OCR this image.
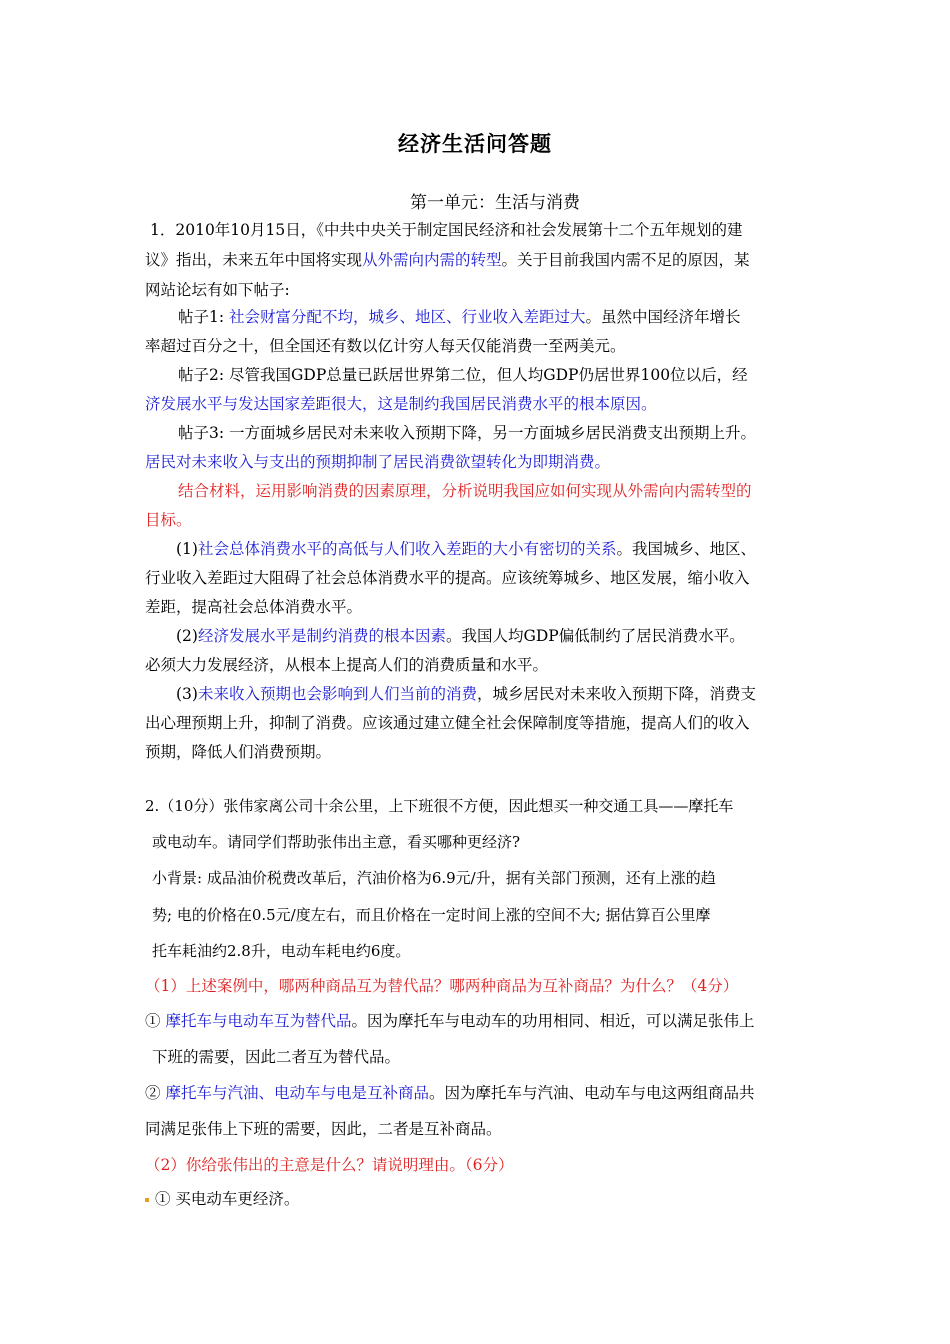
经济生活问答题
第一单元：生活与消费
1．2010年10月15日，《中共中央关于制定国民经济和社会发展第十二个五年规划的建
议》指出，未来五年中国将实现从外需向内需的转型。关于目前我国内需不足的原因，某
网站论坛有如下帖子:
帖子1: 社会财富分配不均，城乡、地区、行业收入差距过大。虽然中国经济年增长
率超过百分之十，但全国还有数以亿计穷人每天仅能消费一至两美元。
帖子2: 尽管我国GDP总量已跃居世界第二位，但人均GDP仍居世界100位以后，经
济发展水平与发达国家差距很大，这是制约我国居民消费水平的根本原因。
帖子3: 一方面城乡居民对未来收入预期下降，另一方面城乡居民消费支出预期上升。
居民对未来收入与支出的预期抑制了居民消费欲望转化为即期消费。
结合材料，运用影响消费的因素原理，分析说明我国应如何实现从外需向内需转型的
目标。
(1)社会总体消费水平的高低与人们收入差距的大小有密切的关系。我国城乡、地区、
行业收入差距过大阻碍了社会总体消费水平的提高。应该统筹城乡、地区发展，缩小收入
差距，提高社会总体消费水平。
(2)经济发展水平是制约消费的根本因素。我国人均GDP偏低制约了居民消费水平。
必须大力发展经济，从根本上提高人们的消费质量和水平。
(3)未来收入预期也会影响到人们当前的消费，城乡居民对未来收入预期下降，消费支
出心理预期上升，抑制了消费。应该通过建立健全社会保障制度等措施，提高人们的收入
预期，降低人们消费预期。
2.（10分）张伟家离公司十余公里，上下班很不方便，因此想买一种交通工具——摩托车
或电动车。请同学们帮助张伟出主意，看买哪种更经济?
小背景: 成品油价税费改革后，汽油价格为6.9元/升，据有关部门预测，还有上涨的趋
势; 电的价格在0.5元/度左右，而且价格在一定时间上涨的空间不大; 据估算百公里摩
托车耗油约2.8升，电动车耗电约6度。
（1）上述案例中，哪两种商品互为替代品？哪两种商品为互补商品？为什么？（4分）
① 摩托车与电动车互为替代品。因为摩托车与电动车的功用相同、相近，可以满足张伟上
下班的需要，因此二者互为替代品。
② 摩托车与汽油、电动车与电是互补商品。因为摩托车与汽油、电动车与电这两组商品共
同满足张伟上下班的需要，因此，二者是互补商品。
（2）你给张伟出的主意是什么？请说明理由。（6分）
① 买电动车更经济。
